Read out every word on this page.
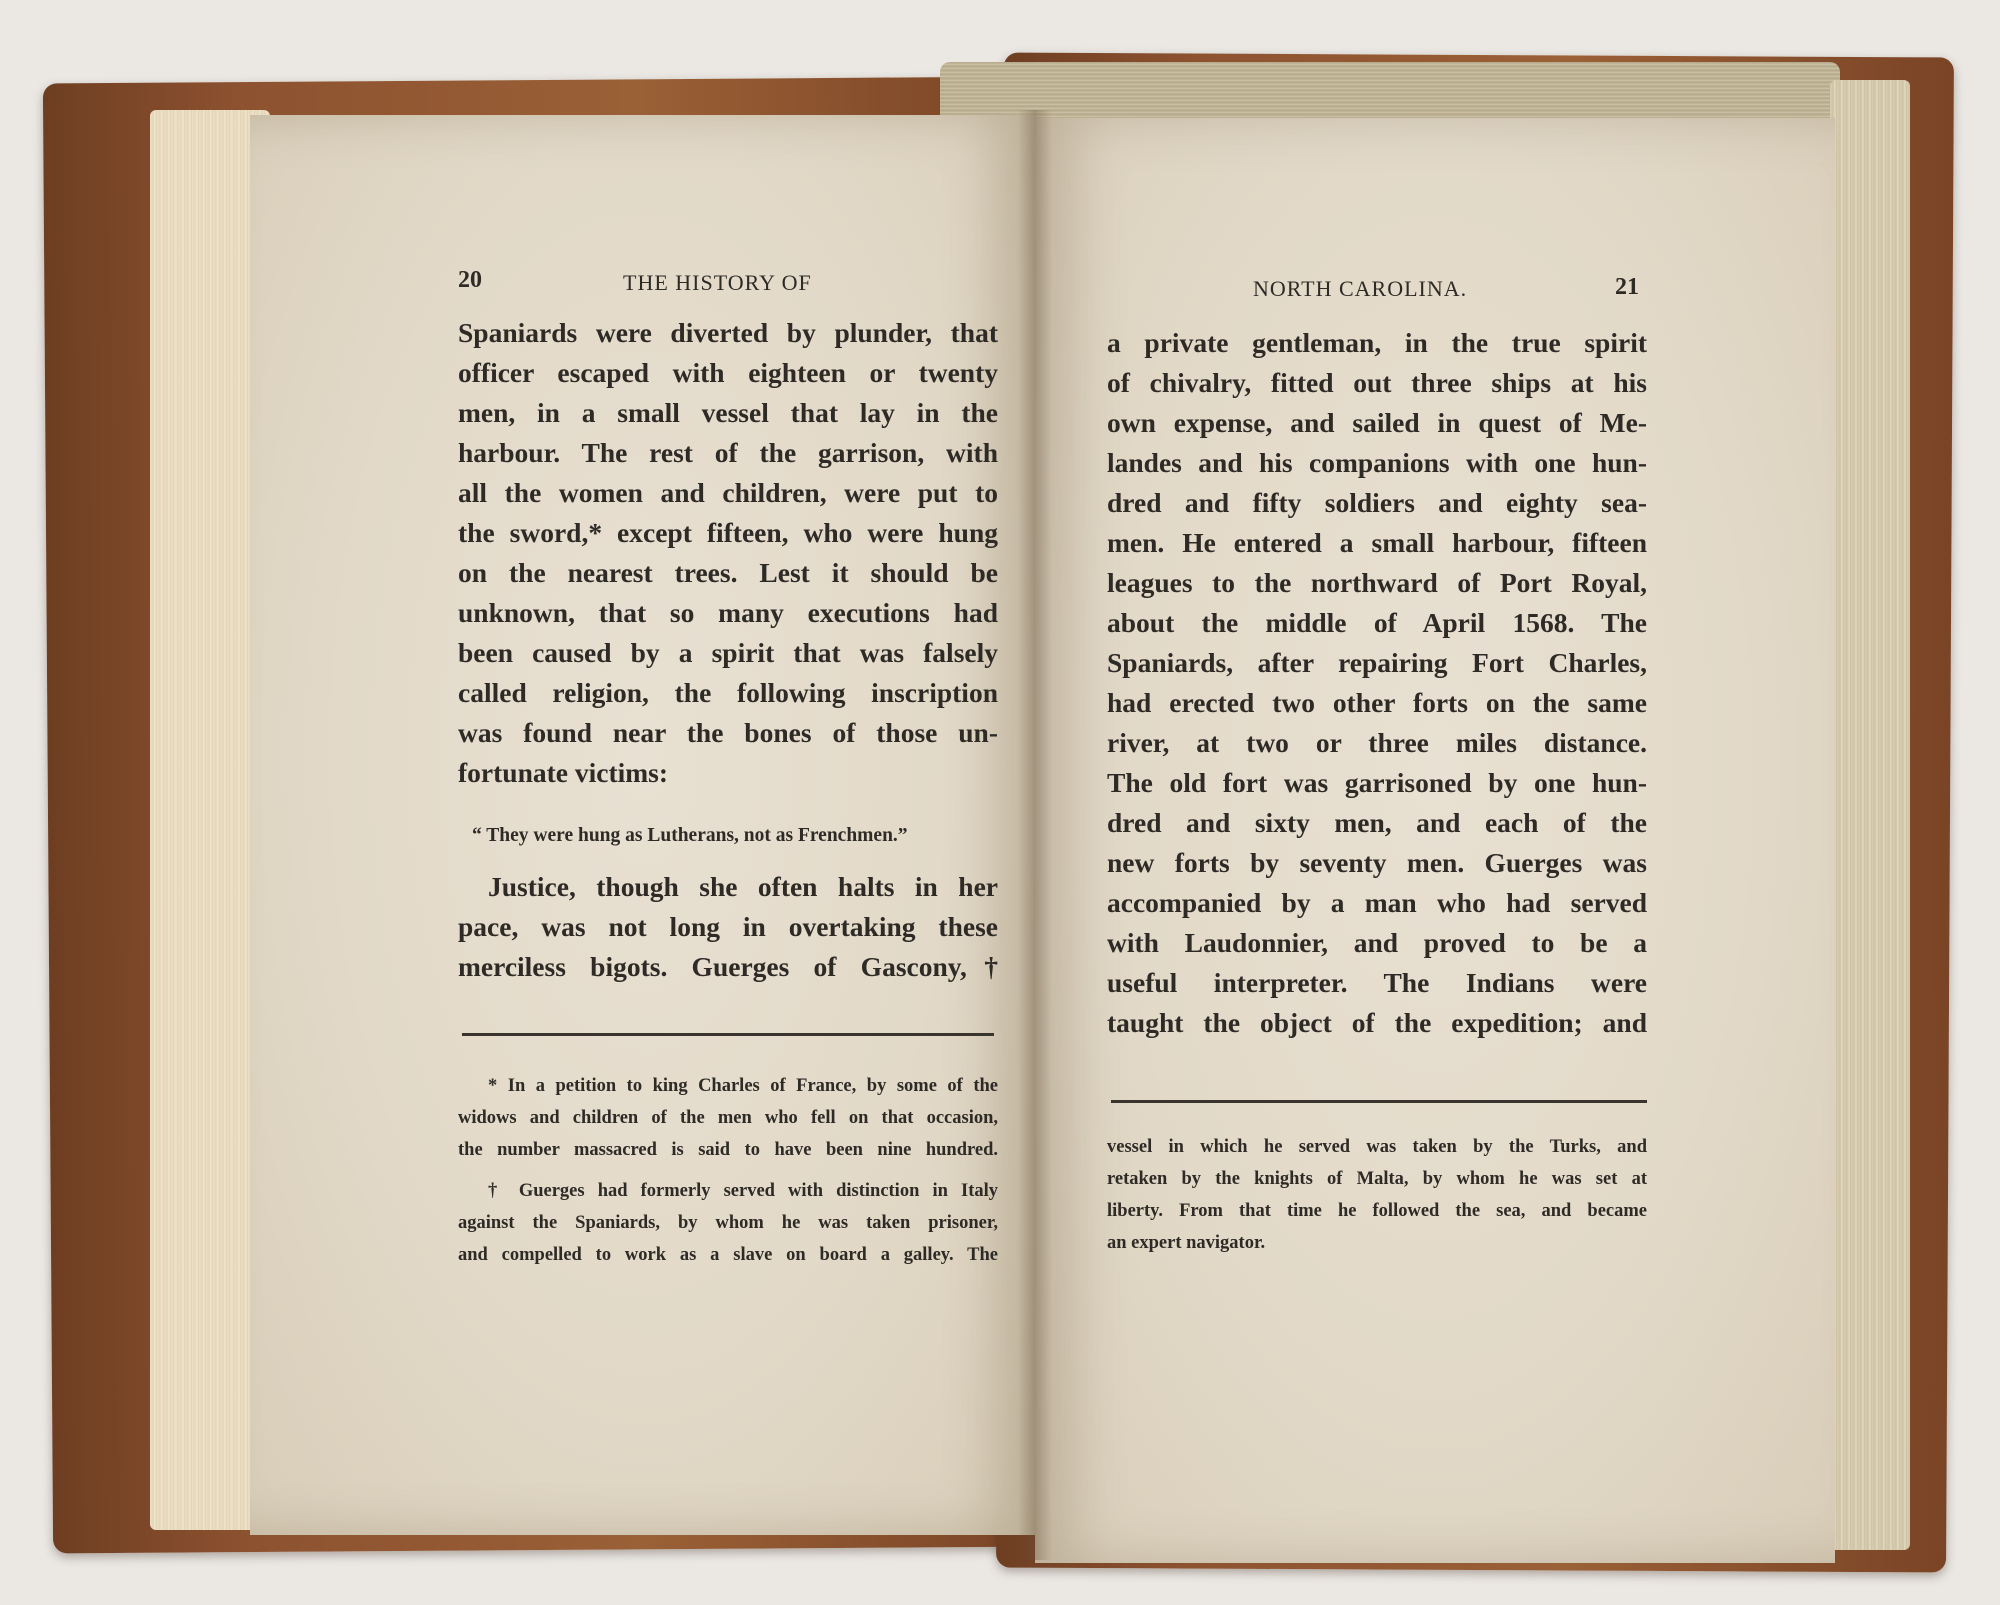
20	THE HISTORY OF
Spaniards were diverted by plunder, that
officer escaped with eighteen or twenty
men, in a small vessel that lay in the
harbour. The rest of the garrison, with
all the women and children, were put to
the sword,* except fifteen, who were hung
on the nearest trees. Lest it should be
unknown, that so many executions had
been caused by a spirit that was falsely
called religion, the following inscription
was found near the bones of those un-
fortunate victims:
“ They were hung as Lutherans, not as Frenchmen.”
Justice, though she often halts in her
pace, was not long in overtaking these
merciless bigots. Guerges of Gascony,†
* In a petition to king Charles of France, by some of the
widows and children of the men who fell on that occasion,
the number massacred is said to have been nine hundred.
† Guerges had formerly served with distinction in Italy
against the Spaniards, by whom he was taken prisoner,
and compelled to work as a slave on board a galley. The
NORTH CAROLINA.	21
a private gentleman, in the true spirit
of chivalry, fitted out three ships at his
own expense, and sailed in quest of Me-
landes and his companions with one hun-
dred and fifty soldiers and eighty sea-
men. He entered a small harbour, fifteen
leagues to the northward of Port Royal,
about the middle of April 1568. The
Spaniards, after repairing Fort Charles,
had erected two other forts on the same
river, at two or three miles distance.
The old fort was garrisoned by one hun-
dred and sixty men, and each of the
new forts by seventy men. Guerges was
accompanied by a man who had served
with Laudonnier, and proved to be a
useful interpreter. The Indians were
taught the object of the expedition; and
vessel in which he served was taken by the Turks, and
retaken by the knights of Malta, by whom he was set at
liberty. From that time he followed the sea, and became
an expert navigator.
